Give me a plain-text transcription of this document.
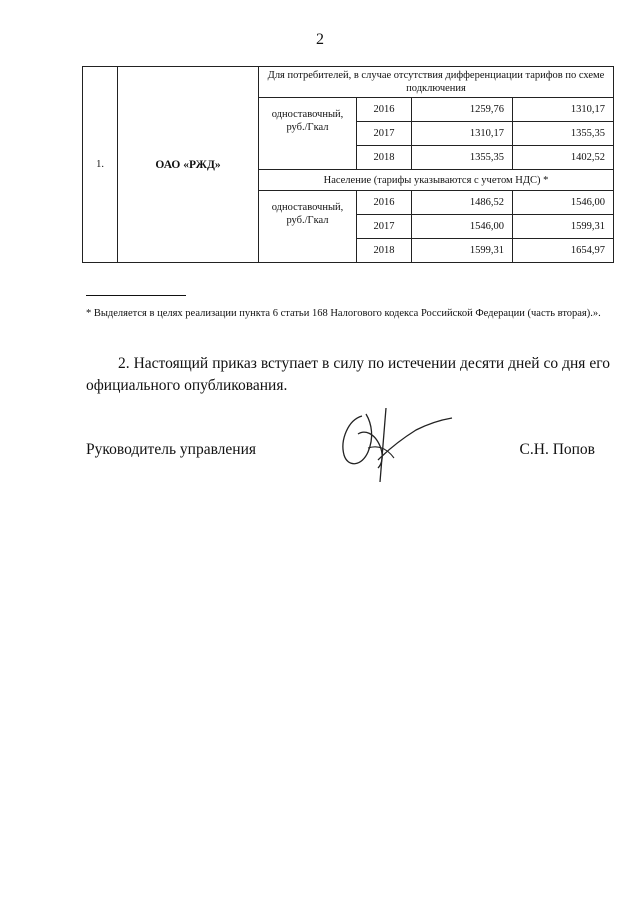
2
1.	ОАО «РЖД»	Для потребителей, в случае отсутствия дифференциации тарифов по схеме подключения			
		одноставочный, руб./Гкал	2016	1259,76	1310,17
			2017	1310,17	1355,35
			2018	1355,35	1402,52
		Население (тарифы указываются с учетом НДС) *			
		одноставочный, руб./Гкал	2016	1486,52	1546,00
			2017	1546,00	1599,31
			2018	1599,31	1654,97
* Выделяется в целях реализации пункта 6 статьи 168 Налогового кодекса Российской Федерации (часть вторая).».
2. Настоящий приказ вступает в силу по истечении десяти дней со дня его официального опубликования.
Руководитель управления	С.Н. Попов
